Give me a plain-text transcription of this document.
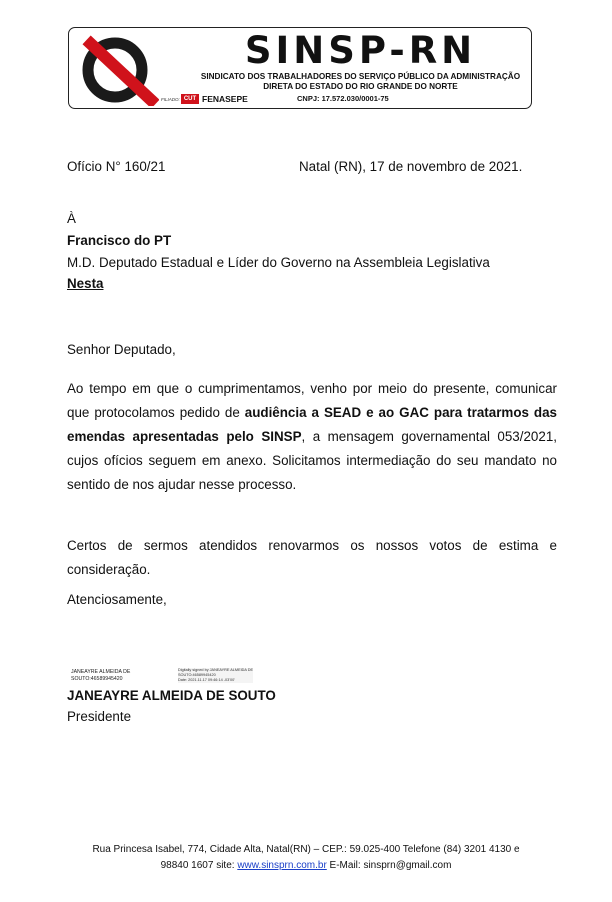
SINSP-RN
SINDICATO DOS TRABALHADORES DO SERVIÇO PÚBLICO DA ADMINISTRAÇÃO
DIRETA DO ESTADO DO RIO GRANDE DO NORTE
FILIADO: CUT FENASEPE	CNPJ: 17.572.030/0001-75
Ofício N° 160/21	Natal (RN), 17 de novembro de 2021.
À
Francisco do PT
M.D. Deputado Estadual e Líder do Governo na Assembleia Legislativa
Nesta
Senhor Deputado,
Ao tempo em que o cumprimentamos, venho por meio do presente, comunicar que protocolamos pedido de audiência a SEAD e ao GAC para tratarmos das emendas apresentadas pelo SINSP, a mensagem governamental 053/2021, cujos ofícios seguem em anexo. Solicitamos intermediação do seu mandato no sentido de nos ajudar nesse processo.
Certos de sermos atendidos renovarmos os nossos votos de estima e consideração.
Atenciosamente,
JANEAYRE ALMEIDA DE
SOUTO:46589945420
Digitally signed by JANEAYRE ALMEIDA DE
SOUTO:46589945420
Date: 2021.11.17 09:46:14 -03'00'
JANEAYRE ALMEIDA DE SOUTO
Presidente
Rua Princesa Isabel, 774, Cidade Alta, Natal(RN) – CEP.: 59.025-400 Telefone (84) 3201 4130 e
98840 1607 site: www.sinsprn.com.br E-Mail: sinsprn@gmail.com
